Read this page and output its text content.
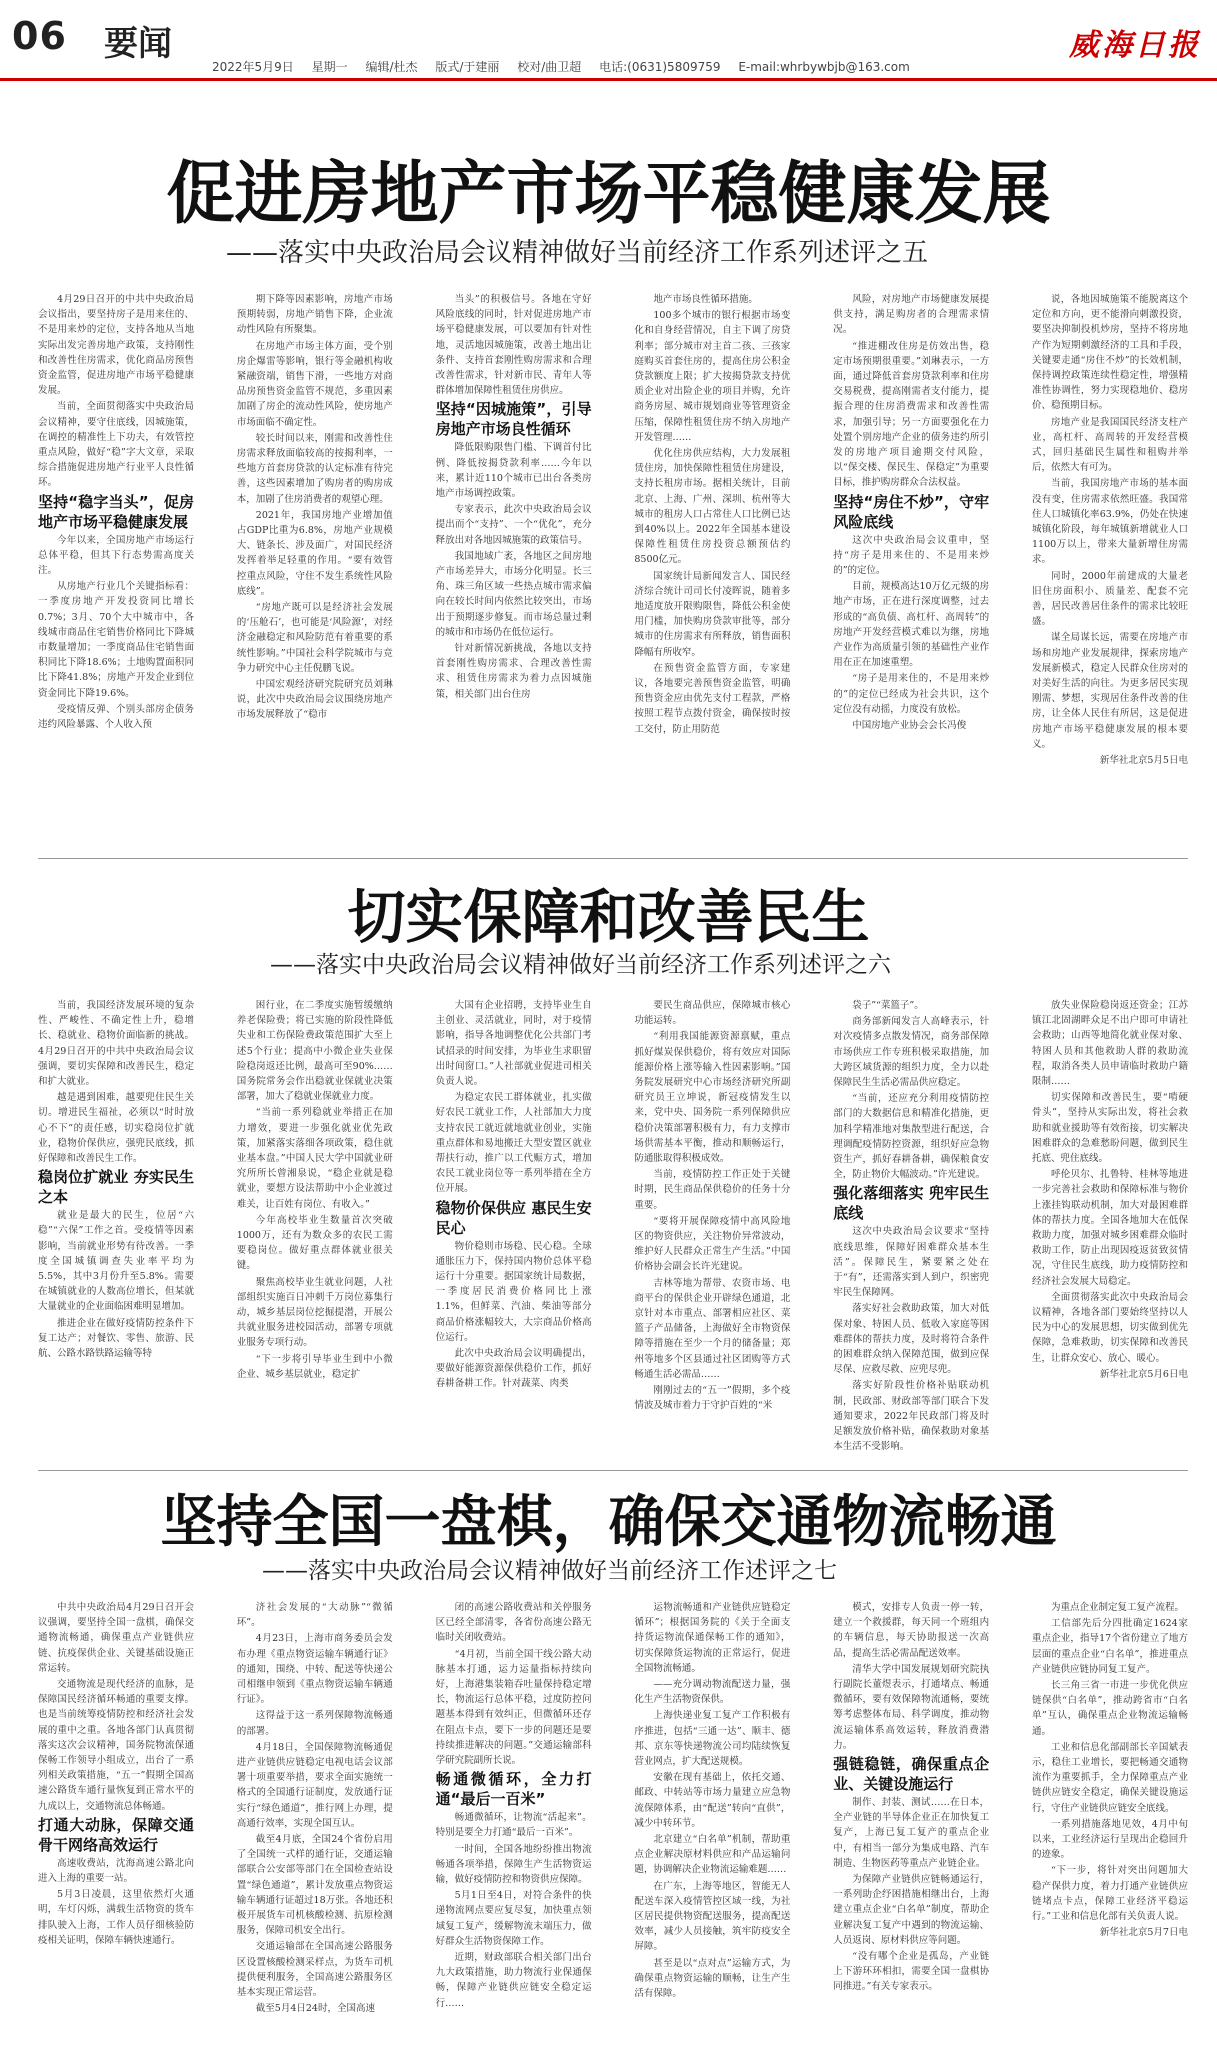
06 要闻
2022年5月9日 星期一 编辑/杜杰 版式/于建丽 校对/曲卫超 电话:(0631)5809759 E-mail:whrbywbjb@163.com
威海日报
促进房地产市场平稳健康发展
——落实中央政治局会议精神做好当前经济工作系列述评之五

4月29日召开的中共中央政治局会议指出，要坚持房子是用来住的、不是用来炒的定位，支持各地从当地实际出发完善房地产政策，支持刚性和改善性住房需求，优化商品房预售资金监管，促进房地产市场平稳健康发展。

当前，全面贯彻落实中央政治局会议精神，要守住底线，因城施策，在调控的精准性上下功夫，有效管控重点风险，做好“稳”字大文章，采取综合措施促进房地产行业平人良性循环。

坚持“稳字当头”，促房地产市场平稳健康发展

今年以来，全国房地产市场运行总体平稳，但其下行态势需高度关注。

从房地产行业几个关键指标看：一季度房地产开发投资同比增长0.7%；3月、70个大中城市中，各线城市商品住宅销售价格同比下降城市数量增加；一季度商品住宅销售面积同比下降18.6%；土地购置面积同比下降41.8%；房地产开发企业到位资金同比下降19.6%。

受疫情反弹、个别头部房企债务违约风险暴露、个人收入预

期下降等因素影响，房地产市场预期转弱，房地产销售下降，企业流动性风险有所聚集。

在房地产市场主体方面，受个别房企爆雷等影响，银行等金融机构收紧融资端，销售下滑，一些地方对商品房预售资金监管不规范，多重因素加剧了房企的流动性风险，使房地产市场面临不确定性。

较长时间以来，刚需和改善性住房需求释放面临较高的按揭利率，一些地方首套房贷款的认定标准有待完善，这些因素增加了购房者的购房成本，加剧了住房消费者的观望心理。

2021年，我国房地产业增加值占GDP比重为6.8%，房地产业规模大、链条长、涉及面广，对国民经济发挥着举足轻重的作用。“要有效管控重点风险，守住不发生系统性风险底线”。

“房地产既可以是经济社会发展的‘压舱石’，也可能是‘风险源’，对经济金融稳定和风险防范有着重要的系统性影响。”中国社会科学院城市与竞争力研究中心主任倪鹏飞说。

中国宏观经济研究院研究员刘琳说，此次中央政治局会议围绕房地产市场发展释放了“稳市

当头”的积极信号。各地在守好风险底线的同时，针对促进房地产市场平稳健康发展，可以要加有针对性地，灵活地因城施策，改善土地出让条件、支持首套刚性购房需求和合理改善性需求，针对新市民、青年人等群体增加保障性租赁住房供应。

坚持“因城施策”，引导房地产市场良性循环

降低限购限售门槛、下调首付比例、降低按揭贷款利率……今年以来，累计近110个城市已出台各类房地产市场调控政策。

专家表示，此次中央政治局会议提出而个“支持”、一个“优化”，充分释放出对各地因城施策的政策信号。

我国地域广袤，各地区之间房地产市场差异大，市场分化明显。长三角、珠三角区域一些热点城市需求偏向在较长时间内依然比较突出，市场出于预期逐步修复。而市场总量过剩的城市和市场仍在低位运行。

针对新情况新挑战，各地以支持首套刚性购房需求、合理改善性需求、租赁住房需求为着力点因城施策，相关部门出台住房

地产市场良性循环措施。

100多个城市的银行根据市场变化和自身经营情况，自主下调了房贷利率；部分城市对主首二孩、三孩家庭购买首套住房的，提高住房公积金贷款额度上限；扩大按揭贷款支持优质企业对出险企业的项目并购，允许商务房屋、城市规划商业等管理资金压缩，保障性租赁住房不纳入房地产开发管理……

优化住房供应结构，大力发展租赁住房，加快保障性租赁住房建设，支持长租房市场。据相关统计，目前北京、上海、广州、深圳、杭州等大城市的租房人口占常住人口比例已达到40%以上。2022年全国基本建设保障性租赁住房投资总额预估约8500亿元。

国家统计局新闻发言人、国民经济综合统计司司长付凌晖说，随着多地适度放开限购限售，降低公积金使用门槛，加快购房贷款审批等，部分城市的住房需求有所释放，销售面积降幅有所收窄。

在预售资金监管方面，专家建议，各地要完善预售资金监管，明确预售资金应由优先支付工程款，严格按照工程节点拨付资金，确保按时按工交付，防止用防范

风险，对房地产市场健康发展提供支持，满足购房者的合理需求情况。

“推进棚改住房是仿效出售，稳定市场预期很重要。”刘琳表示，一方面，通过降低首套房贷款利率和住房交易税费，提高刚需者支付能力，提振合理的住房消费需求和改善性需求，加强引导；另一方面要强化在力处置个别房地产企业的债务违约所引发的房地产项目逾期交付风险，以“保交楼、保民生、保稳定”为重要目标，推护购房群众合法权益。

坚持“房住不炒”，守牢风险底线

这次中央政治局会议重申，坚持“房子是用来住的、不是用来炒的”的定位。

目前，规模高达10万亿元级的房地产市场，正在进行深度调整，过去形成的“高负债、高杠杆、高周转”的房地产开发经营模式难以为继，房地产业作为高质量引领的基础性产业作用在正在加速重塑。

“房子是用来住的，不是用来炒的”的定位已经成为社会共识，这个定位没有动摇，力度没有放松。

中国房地产业协会会长冯俊

说，各地因城施策不能脱离这个定位和方向，更不能滑向刺激投资，要坚决抑制投机炒房，坚持不将房地产作为短期刺激经济的工具和手段，关键要走通“房住不炒”的长效机制，保持调控政策连续性稳定性，增强精准性协调性，努力实现稳地价、稳房价、稳预期目标。

房地产业是我国国民经济支柱产业，高杠杆、高周转的开发经营模式，回归基础民生属性和租购并举后，依然大有可为。

当前，我国房地产市场的基本面没有变，住房需求依然旺盛。我国常住人口城镇化率63.9%，仍处在快速城镇化阶段，每年城镇新增就业人口1100万以上，带来大量新增住房需求。

同时，2000年前建成的大量老旧住房面积小、质量差、配套不完善，居民改善居住条件的需求比较旺盛。

谋全局谋长远，需要在房地产市场和房地产业发展规律，探索房地产发展新模式，稳定人民群众住房对的对美好生活的向往。为更多居民实现刚需、梦想，实现居住条件改善的住房，让全体人民住有所居，这是促进房地产市场平稳健康发展的根本要义。

新华社北京5月5日电

切实保障和改善民生
——落实中央政治局会议精神做好当前经济工作系列述评之六

当前，我国经济发展环境的复杂性、严峻性、不确定性上升，稳增长、稳就业、稳物价面临新的挑战。4月29日召开的中共中央政治局会议强调，要切实保障和改善民生，稳定和扩大就业。

越是遇到困难，越要兜住民生关切。增进民生福祉，必须以“时时放心不下”的责任感，切实稳岗位扩就业，稳物价保供应，强兜民底线，抓好保障和改善民生工作。

稳岗位扩就业 夯实民生之本

就业是最大的民生，位居“六稳”“六保”工作之首。受疫情等因素影响，当前就业形势有待改善。一季度全国城镇调查失业率平均为5.5%，其中3月份升至5.8%。需要在城镇就业的人数高位增长，但某就大量就业的企业面临困难明显增加。

推进企业在做好疫情防控条件下复工达产；对餐饮、零售、旅游、民航、公路水路铁路运输等特

困行业，在二季度实施暂缓缴纳养老保险费；将已实施的阶段性降低失业和工伤保险费政策范围扩大至上述5个行业；提高中小微企业失业保险稳岗返还比例，最高可至90%……国务院常务会作出稳就业保就业决策部署，加大了稳就业保就业力度。

“当前一系列稳就业举措正在加力增效，要进一步强化就业优先政策，加紧落实落细各项政策，稳住就业基本盘。”中国人民大学中国就业研究所所长曾湘泉说，“稳企业就是稳就业，要想方设法帮助中小企业渡过难关，让百姓有岗位、有收入。”

今年高校毕业生数量首次突破1000万，还有为数众多的农民工需要稳岗位。做好重点群体就业很关键。

聚焦高校毕业生就业问题，人社部组织实施百日冲刺千万岗位募集行动，城乡基层岗位挖掘提潜，开展公共就业服务进校园活动，部署专项就业服务专项行动。

“下一步将引导毕业生到中小微企业、城乡基层就业，稳定扩

大国有企业招聘，支持毕业生自主创业、灵活就业，同时，对于疫情影响，指导各地调整优化公共部门考试招录的时间安排，为毕业生求职留出时间窗口。”人社部就业促进司相关负责人说。

为稳定农民工群体就业，扎实做好农民工就业工作，人社部加大力度支持农民工就近就地就业创业，实施重点群体和易地搬迁大型安置区就业帮扶行动，推广以工代赈方式，增加农民工就业岗位等一系列举措在全方位开展。

稳物价保供应 惠民生安民心

物价稳则市场稳、民心稳。全球通胀压力下，保持国内物价总体平稳运行十分重要。据国家统计局数据，一季度居民消费价格同比上涨1.1%，但鲜菜、汽油、柴油等部分商品价格涨幅较大，大宗商品价格高位运行。

此次中央政治局会议明确提出，要做好能源资源保供稳价工作，抓好春耕备耕工作。针对蔬菜、肉类

要民生商品供应，保障城市核心功能运转。

“利用我国能源资源禀赋，重点抓好煤炭保供稳价，将有效应对国际能源价格上涨等输入性因素影响。”国务院发展研究中心市场经济研究所副研究员王立坤说，新冠疫情发生以来，党中央、国务院一系列保障供应稳价决策部署积极有力，有力支撑市场供需基本平衡，推动和顺畅运行，防通胀取得积极成效。

当前，疫情防控工作正处于关键时期，民生商品保供稳价的任务十分重要。

“要将开展保障疫情中高风险地区的物资供应，关注物价异常波动，维护好人民群众正常生产生活。”中国价格协会副会长许光建说。

吉林等地为帮带、农资市场、电商平台的保供企业开辟绿色通道，北京针对本市重点、部署相应社区、菜篮子产品储备，上海做好全市物资保障等措施在至少一个月的储备量；郑州等地多个区县通过社区团购等方式畅通生活必需品……

刚刚过去的“五一”假期，多个疫情波及城市着力于守护百姓的“米

袋子”“菜篮子”。

商务部新闻发言人高峰表示，针对次疫情多点散发情况，商务部保障市场供应工作专班积极采取措施，加大跨区域货源的组织力度，全力以赴保障民生生活必需品供应稳定。

“当前，还应充分利用疫情防控部门的大数据信息和精准化措施，更加科学精准地对集散型进行配送，合理调配疫情防控资源，组织好应急物资生产，抓好春耕备耕，确保粮食安全，防止物价大幅波动。”许光建说。

强化落细落实 兜牢民生底线

这次中央政治局会议要求“坚持底线思维，保障好困难群众基本生活”。保障民生，紧要紧之处在于“有”，还需落实到人到户，织密兜牢民生保障网。

落实好社会救助政策，加大对低保对象、特困人员、低收入家庭等困难群体的帮扶力度，及时将符合条件的困难群众纳入保障范围，做到应保尽保、应救尽救、应兜尽兜。

落实好阶段性价格补贴联动机制，民政部、财政部等部门联合下发通知要求，2022年民政部门将及时足额发放价格补贴，确保救助对象基本生活不受影响。

放失业保险稳岗返还资金；江苏镇江北固湖畔众足不出户即可申请社会救助；山西等地简化就业保对象、特困人员和其他救助人群的救助流程，取消各类人员申请临时救助户籍限制……

切实保障和改善民生，要“啃硬骨头”，坚持从实际出发，将社会救助和就业援助等有效衔接，切实解决困难群众的急难愁盼问题，做到民生托底、兜住底线。

呼伦贝尔、扎鲁特、桂林等地进一步完善社会救助和保障标准与物价上涨挂钩联动机制，加大对最困难群体的帮扶力度。全国各地加大在低保救助力度，加强对城乡困难群众临时救助工作，防止出现因疫返贫致贫情况，守住民生底线，助力疫情防控和经济社会发展大局稳定。

全面贯彻落实此次中央政治局会议精神，各地各部门要始终坚持以人民为中心的发展思想，切实做到优先保障，急难救助，切实保障和改善民生，让群众安心、放心、暖心。

新华社北京5月6日电

坚持全国一盘棋，确保交通物流畅通
——落实中央政治局会议精神做好当前经济工作述评之七

中共中央政治局4月29日召开会议强调，要坚持全国一盘棋，确保交通物流畅通，确保重点产业链供应链、抗疫保供企业、关键基础设施正常运转。

交通物流是现代经济的血脉，是保障国民经济循环畅通的重要支撑。也是当前统筹疫情防控和经济社会发展的重中之重。各地各部门认真贯彻落实这次会议精神，国务院物流保通保畅工作领导小组成立，出台了一系列相关政策措施，“五一”假期全国高速公路货车通行量恢复到正常水平的九成以上，交通物流总体畅通。

打通大动脉，保障交通骨干网络高效运行

高速收费站，沈海高速公路北向进入上海的重要一站。

5月3日凌晨，这里依然灯火通明，车灯闪烁，满载生活物资的货车排队驶入上海，工作人员仔细核验防疫相关证明，保障车辆快速通行。

济社会发展的“大动脉”“微循环”。

4月23日，上海市商务委员会发布办理《重点物资运输车辆通行证》的通知，围绕、中转、配送等快递公司相继申领到《重点物资运输车辆通行证》。

这得益于这一系列保障物流畅通的部署。

4月18日，全国保障物流畅通促进产业链供应链稳定电视电话会议部署十项重要举措，要求全面实施统一格式的全国通行证制度，发放通行证实行“绿色通道”，推行网上办理，提高通行效率，实现全国互认。

截至4月底，全国24个省份启用了全国统一式样的通行证，交通运输部联合公安部等部门在全国检查站设置“绿色通道”，累计发放重点物资运输车辆通行证超过18万张。各地还积极开展货车司机核酸检测、抗原检测服务，保障司机安全出行。

交通运输部在全国高速公路服务区设置核酸检测采样点，为货车司机提供便利服务，全国高速公路服务区基本实现正常运营。

截至5月4日24时，全国高速

闭的高速公路收费站和关停服务区已经全部清零，各省份高速公路无临时关闭收费站。

“4月初，当前全国干线公路大动脉基本打通，运力运量指标持续向好，上海港集装箱吞吐量保持稳定增长，物流运行总体平稳，过度防控问题基本得到有效纠正，但微循环还存在阻点卡点，要下一步的问题还是要持续推进解决的问题。”交通运输部科学研究院副所长说。

畅通微循环，全力打通“最后一百米”

畅通微循环，让物流“活起来”。特别是要全力打通“最后一百米”。

一时间，全国各地纷纷推出物流畅通各项举措，保障生产生活物资运输，做好疫情防控和物资供应保障。

5月1日至4日，对符合条件的快递物流网点要应复尽复，加快重点领域复工复产，缓解物流末端压力，做好群众生活物资保障工作。

近期，财政部联合相关部门出台九大政策措施，助力物流行业保通保畅，保障产业链供应链安全稳定运行……

运物流畅通和产业链供应链稳定循环”；根据国务院的《关于全面支持货运物流保通保畅工作的通知》，切实保障货运物流的正常运行，促进全国物流畅通。

——充分调动物流配送力量，强化生产生活物资保供。

上海快递业复工复产工作积极有序推进，包括“三通一达”、顺丰、德邦、京东等快递物流公司均陆续恢复营业网点，扩大配送规模。

安徽在现有基础上，依托交通、邮政、中转站等市场力量建立应急物流保障体系，由“配送”转向“直供”，减少中转环节。

北京建立“白名单”机制，帮助重点企业解决原材料供应和产品运输问题，协调解决企业物流运输难题……

在广东，上海等地区，智能无人配送车深入疫情管控区域一线，为社区居民提供物资配送服务，提高配送效率，减少人员接触，筑牢防疫安全屏障。

甚至是以“点对点”运输方式，为确保重点物资运输的顺畅，让生产生活有保障。

模式，安排专人负责一停一转，建立一个救援群，每天同一个班组内的车辆信息，每天协助报送一次高品，提高生活必需品配送效率。

清华大学中国发展规划研究院执行副院长董煜表示，打通堵点、畅通微循环，要有效保障物流通畅，要统筹考虑整体布局、科学调度，推动物流运输体系高效运转，释放消费潜力。

强链稳链，确保重点企业、关键设施运行

制作、封装、测试……在日本，全产业链的半导体企业正在加快复工复产，上海已复工复产的重点企业中，有相当一部分为集成电路、汽车制造、生物医药等重点产业链企业。

为保障产业链供应链畅通运行，一系列助企纾困措施相继出台，上海建立重点企业“白名单”制度，帮助企业解决复工复产中遇到的物流运输、人员返岗、原材料供应等问题。

“没有哪个企业是孤岛，产业链上下游环环相扣，需要全国一盘棋协同推进。”有关专家表示。

为重点企业制定复工复产流程。

工信部先后分四批确定1624家重点企业，指导17个省份建立了地方层面的重点企业“白名单”，推进重点产业链供应链协同复工复产。

长三角三省一市进一步优化供应链保供“白名单”，推动跨省市“白名单”互认，确保重点企业物流运输畅通。

工业和信息化部副部长辛国斌表示，稳住工业增长，要把畅通交通物流作为重要抓手，全力保障重点产业链供应链安全稳定，确保关键设施运行，守住产业链供应链安全底线。

一系列措施落地见效，4月中旬以来，工业经济运行呈现出企稳回升的迹象。

“下一步，将针对突出问题加大稳产保供力度，着力打通产业链供应链堵点卡点，保障工业经济平稳运行。”工业和信息化部有关负责人说。

新华社北京5月7日电
